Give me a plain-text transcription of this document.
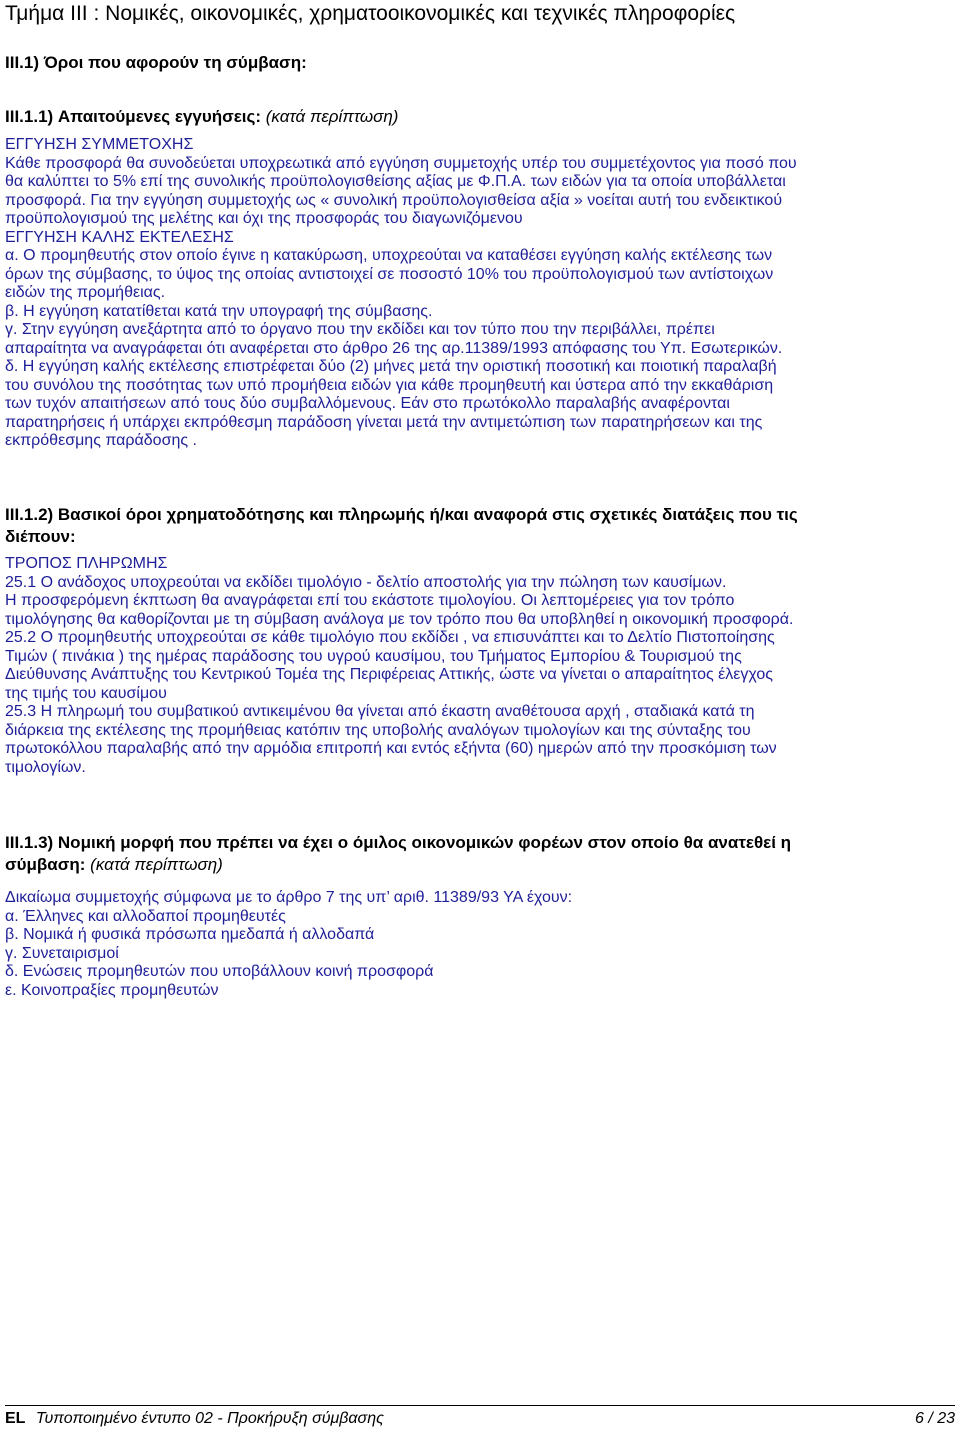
Τμήμα III : Νομικές, οικονομικές, χρηματοοικονομικές και τεχνικές πληροφορίες
III.1) Όροι που αφορούν τη σύμβαση:
III.1.1) Απαιτούμενες εγγυήσεις: (κατά περίπτωση)

ΕΓΓΥΗΣΗ ΣΥΜΜΕΤΟΧΗΣ

Κάθε προσφορά θα συνοδεύεται υποχρεωτικά από εγγύηση συμμετοχής υπέρ του συμμετέχοντος για ποσό που

θα καλύπτει το 5% επί της συνολικής προϋπολογισθείσης αξίας με Φ.Π.Α. των ειδών για τα οποία υποβάλλεται

προσφορά. Για την εγγύηση συμμετοχής ως « συνολική προϋπολογισθείσα αξία » νοείται αυτή του ενδεικτικού

προϋπολογισμού της μελέτης και όχι της προσφοράς του διαγωνιζόμενου

ΕΓΓΥΗΣΗ ΚΑΛΗΣ ΕΚΤΕΛΕΣΗΣ

α. Ο προμηθευτής στον οποίο έγινε η κατακύρωση, υποχρεούται να καταθέσει εγγύηση καλής εκτέλεσης των

όρων της σύμβασης, το ύψος της οποίας αντιστοιχεί σε ποσοστό 10% του προϋπολογισμού των αντίστοιχων

ειδών της προμήθειας.

β. Η εγγύηση κατατίθεται κατά την υπογραφή της σύμβασης.

γ. Στην εγγύηση ανεξάρτητα από το όργανο που την εκδίδει και τον τύπο που την περιβάλλει, πρέπει

απαραίτητα να αναγράφεται ότι αναφέρεται στο άρθρο 26 της αρ.11389/1993 απόφασης του Υπ. Εσωτερικών.

δ. Η εγγύηση καλής εκτέλεσης επιστρέφεται δύο (2) μήνες μετά την οριστική ποσοτική και ποιοτική παραλαβή

του συνόλου της ποσότητας των υπό προμήθεια ειδών για κάθε προμηθευτή και ύστερα από την εκκαθάριση

των τυχόν απαιτήσεων από τους δύο συμβαλλόμενους. Εάν στο πρωτόκολλο παραλαβής αναφέρονται

παρατηρήσεις ή υπάρχει εκπρόθεσμη παράδοση γίνεται μετά την αντιμετώπιση των παρατηρήσεων και της

εκπρόθεσμης παράδοσης .

III.1.2) Βασικοί όροι χρηματοδότησης και πληρωμής ή/και αναφορά στις σχετικές διατάξεις που τις
διέπουν:

ΤΡΟΠΟΣ ΠΛΗΡΩΜΗΣ

25.1 Ο ανάδοχος υποχρεούται να εκδίδει τιμολόγιο - δελτίο αποστολής για την πώληση των καυσίμων.

Η προσφερόμενη έκπτωση θα αναγράφεται επί του εκάστοτε τιμολογίου. Οι λεπτομέρειες για τον τρόπο

τιμολόγησης θα καθορίζονται με τη σύμβαση ανάλογα με τον τρόπο που θα υποβληθεί η οικονομική προσφορά.

25.2 Ο προμηθευτής υποχρεούται σε κάθε τιμολόγιο που εκδίδει , να επισυνάπτει και το Δελτίο Πιστοποίησης

Τιμών ( πινάκια ) της ημέρας παράδοσης του υγρού καυσίμου, του Τμήματος Εμπορίου & Τουρισμού της

Διεύθυνσης Ανάπτυξης του Κεντρικού Τομέα της Περιφέρειας Αττικής, ώστε να γίνεται ο απαραίτητος έλεγχος

της τιμής του καυσίμου

25.3 Η πληρωμή του συμβατικού αντικειμένου θα γίνεται από έκαστη αναθέτουσα αρχή , σταδιακά κατά τη

διάρκεια της εκτέλεσης της προμήθειας κατόπιν της υποβολής αναλόγων τιμολογίων και της σύνταξης του

πρωτοκόλλου παραλαβής από την αρμόδια επιτροπή και εντός εξήντα (60) ημερών από την προσκόμιση των

τιμολογίων.

III.1.3) Νομική μορφή που πρέπει να έχει ο όμιλος οικονομικών φορέων στον οποίο θα ανατεθεί η
σύμβαση: (κατά περίπτωση)

Δικαίωμα συμμετοχής σύμφωνα με το άρθρο 7 της υπ’ αριθ. 11389/93 ΥΑ έχουν:

α. Έλληνες και αλλοδαποί προμηθευτές

β. Νομικά ή φυσικά πρόσωπα ημεδαπά ή αλλοδαπά

γ. Συνεταιρισμοί

δ. Ενώσεις προμηθευτών που υποβάλλουν κοινή προσφορά

ε. Κοινοπραξίες προμηθευτών

EL Τυποποιημένο έντυπο 02 - Προκήρυξη σύμβασης	6 / 23
